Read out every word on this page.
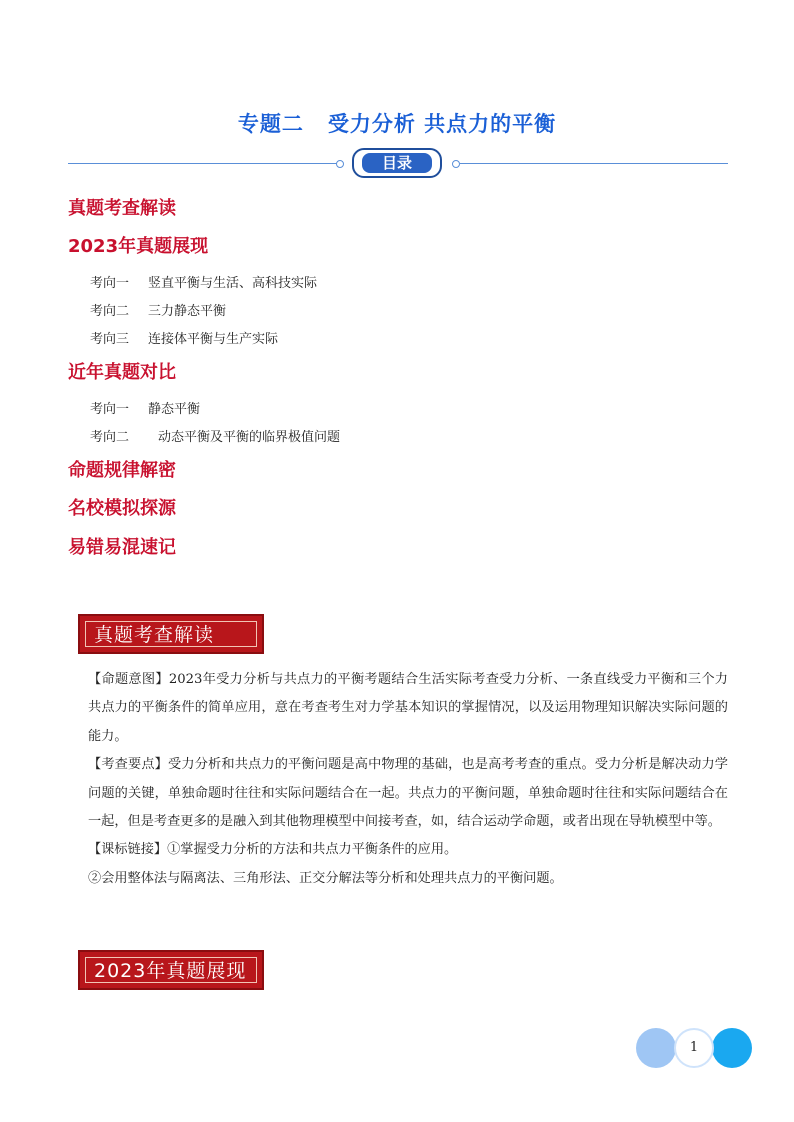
专题二 受力分析 共点力的平衡
目录
真题考查解读
2023年真题展现
考向一 竖直平衡与生活、高科技实际
考向二 三力静态平衡
考向三 连接体平衡与生产实际
近年真题对比
考向一 静态平衡
考向二 动态平衡及平衡的临界极值问题
命题规律解密
名校模拟探源
易错易混速记
真题考查解读

【命题意图】2023年受力分析与共点力的平衡考题结合生活实际考查受力分析、一条直线受力平衡和三个力共点力的平衡条件的简单应用，意在考查考生对力学基本知识的掌握情况，以及运用物理知识解决实际问题的能力。

【考查要点】受力分析和共点力的平衡问题是高中物理的基础，也是高考考查的重点。受力分析是解决动力学问题的关键，单独命题时往往和实际问题结合在一起。共点力的平衡问题，单独命题时往往和实际问题结合在一起，但是考查更多的是融入到其他物理模型中间接考查，如，结合运动学命题，或者出现在导轨模型中等。

【课标链接】①掌握受力分析的方法和共点力平衡条件的应用。

②会用整体法与隔离法、三角形法、正交分解法等分析和处理共点力的平衡问题。

2023年真题展现
1
